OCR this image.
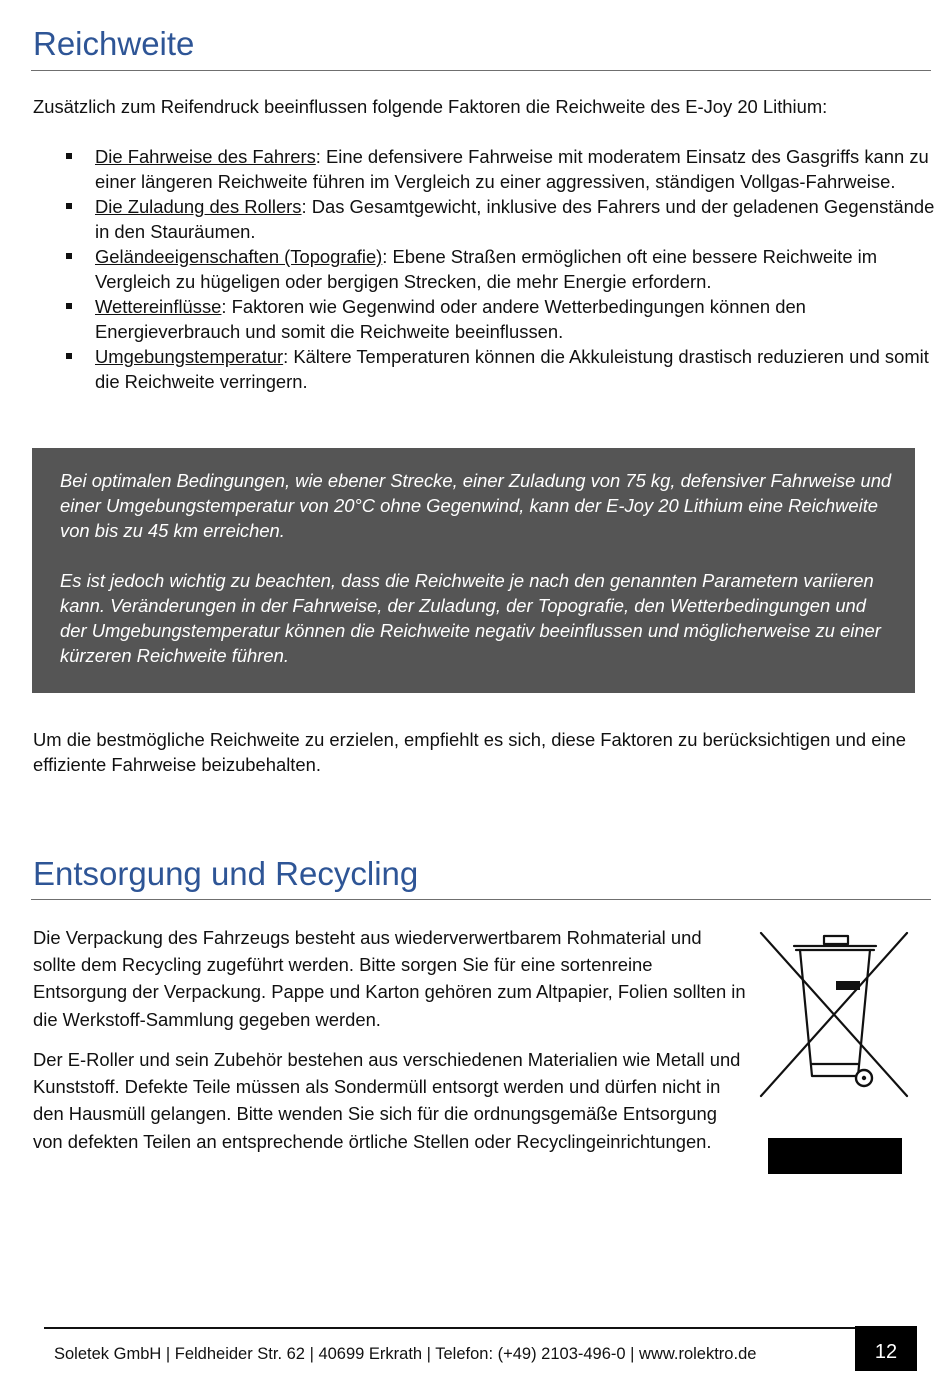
Reichweite

Zusätzlich zum Reifendruck beeinflussen folgende Faktoren die Reichweite des E-Joy 20 Lithium:

Die Fahrweise des Fahrers: Eine defensivere Fahrweise mit moderatem Einsatz des Gasgriffs kann zu einer längeren Reichweite führen im Vergleich zu einer aggressiven, ständigen Vollgas-Fahrweise.
Die Zuladung des Rollers: Das Gesamtgewicht, inklusive des Fahrers und der geladenen Gegenstände in den Stauräumen.
Geländeeigenschaften (Topografie): Ebene Straßen ermöglichen oft eine bessere Reichweite im Vergleich zu hügeligen oder bergigen Strecken, die mehr Energie erfordern.
Wettereinflüsse: Faktoren wie Gegenwind oder andere Wetterbedingungen können den Energieverbrauch und somit die Reichweite beeinflussen.
Umgebungstemperatur: Kältere Temperaturen können die Akkuleistung drastisch reduzieren und somit die Reichweite verringern.

Bei optimalen Bedingungen, wie ebener Strecke, einer Zuladung von 75 kg, defensiver Fahrweise und einer Umgebungstemperatur von 20°C ohne Gegenwind, kann der E-Joy 20 Lithium eine Reichweite von bis zu 45 km erreichen.

Es ist jedoch wichtig zu beachten, dass die Reichweite je nach den genannten Parametern variieren kann. Veränderungen in der Fahrweise, der Zuladung, der Topografie, den Wetterbedingungen und der Umgebungstemperatur können die Reichweite negativ beeinflussen und möglicherweise zu einer kürzeren Reichweite führen.

Um die bestmögliche Reichweite zu erzielen, empfiehlt es sich, diese Faktoren zu berücksichtigen und eine effiziente Fahrweise beizubehalten.

Entsorgung und Recycling

Die Verpackung des Fahrzeugs besteht aus wiederverwertbarem Rohmaterial und sollte dem Recycling zugeführt werden. Bitte sorgen Sie für eine sortenreine Entsorgung der Verpackung. Pappe und Karton gehören zum Altpapier, Folien sollten in die Werkstoff-Sammlung gegeben werden.

Der E-Roller und sein Zubehör bestehen aus verschiedenen Materialien wie Metall und Kunststoff. Defekte Teile müssen als Sondermüll entsorgt werden und dürfen nicht in den Hausmüll gelangen. Bitte wenden Sie sich für die ordnungsgemäße Entsorgung von defekten Teilen an entsprechende örtliche Stellen oder Recyclingeinrichtungen.

Soletek GmbH | Feldheider Str. 62 | 40699 Erkrath | Telefon: (+49) 2103-496-0 | www.rolektro.de	12
